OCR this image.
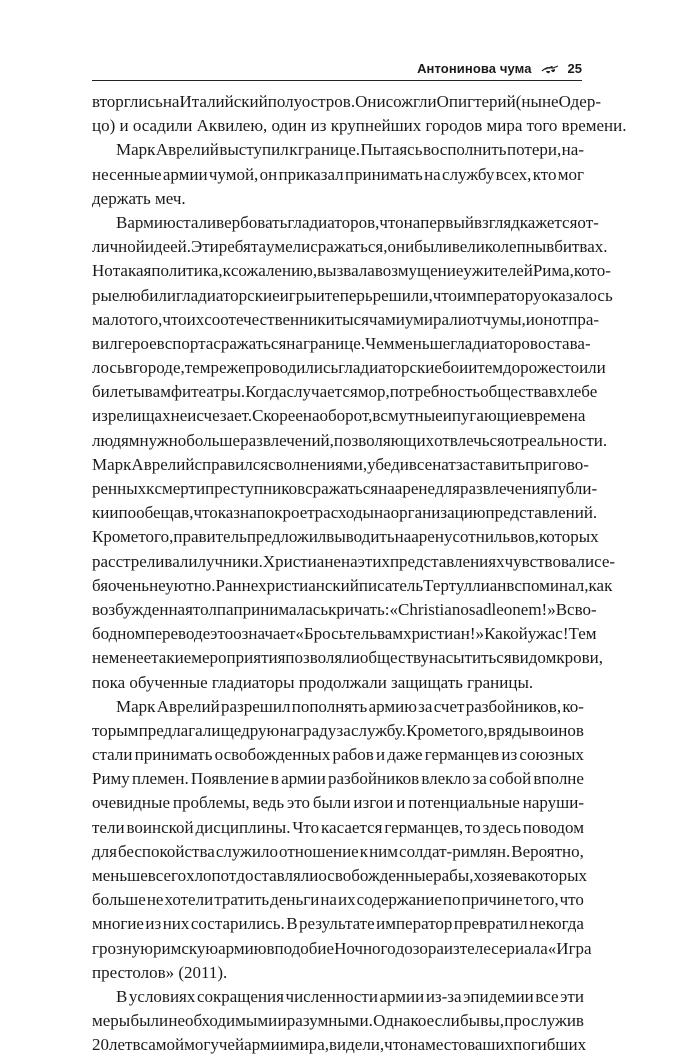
Антонинова чума	25
вторглись на Италийский полуостров. Они сожгли Опигтерий (ныне Одер-
цо) и осадили Аквилею, один из крупнейших городов мира того времени.
Марк Аврелий выступил к границе. Пытаясь восполнить потери, на-
несенные армии чумой, он приказал принимать на службу всех, кто мог
держать меч.
В армию стали вербовать гладиаторов, что на первый взгляд кажется от-
личной идеей. Эти ребята умели сражаться, они были великолепны в битвах.
Но такая политика, к сожалению, вызвала возмущение у жителей Рима, кото-
рые любили гладиаторские игры и теперь решили, что императору оказалось
мало того, что их соотечественники тысячами умирали от чумы, и он отпра-
вил героев спорта сражаться на границе. Чем меньше гладиаторов остава-
лось в городе, тем реже проводились гладиаторские бои и тем дороже стоили
билеты в амфитеатры. Когда случается мор, потребность общества в хлебе
и зрелищах не исчезает. Скорее наоборот, в смутные и пугающие времена
людям нужно больше развлечений, позволяющих отвлечься от реальности.
Марк Аврелий справился с волнениями, убедив сенат заставить пригово-
ренных к смерти преступников сражаться на арене для развлечения публи-
ки и пообещав, что казна покроет расходы на организацию представлений.
Кроме того, правитель предложил выводить на арену сотни львов, которых
расстреливали лучники. Христиане на этих представлениях чувствовали се-
бя очень неуютно. Раннехристианский писатель Тертуллиан вспоминал, как
возбужденная толпа принималась кричать: «Christianos ad leonem!» В сво-
бодном переводе это означает «Бросьте львам христиан!» Какой ужас! Тем
не менее такие мероприятия позволяли обществу насытиться видом крови,
пока обученные гладиаторы продолжали защищать границы.
Марк Аврелий разрешил пополнять армию за счет разбойников, ко-
торым предлагали щедрую награду за службу. Кроме того, в ряды воинов
стали принимать освобожденных рабов и даже германцев из союзных
Риму племен. Появление в армии разбойников влекло за собой вполне
очевидные проблемы, ведь это были изгои и потенциальные наруши-
тели воинской дисциплины. Что касается германцев, то здесь поводом
для беспокойства служило отношение к ним солдат-римлян. Вероятно,
меньше всего хлопот доставляли освобожденные рабы, хозяева которых
больше не хотели тратить деньги на их содержание по причине того, что
многие из них состарились. В результате император превратил некогда
грозную римскую армию в подобие Ночного дозора из телесериала «Игра
престолов» (2011).
В условиях сокращения численности армии из-за эпидемии все эти
меры были необходимыми и разумными. Однако если бы вы, прослужив
20 лет в самой могучей армии мира, видели, что на место ваших погибших
